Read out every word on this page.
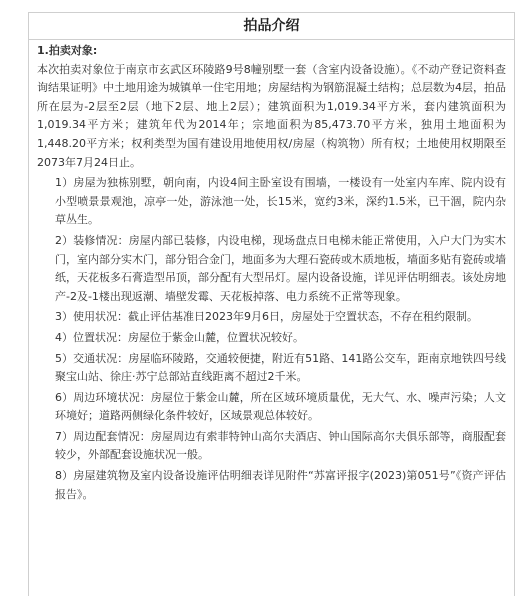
拍品介绍
1.拍卖对象:

本次拍卖对象位于南京市玄武区环陵路9号8幢别墅一套（含室内设备设施）。《不动产登记资料查询结果证明》中土地用途为城镇单一住宅用地；房屋结构为钢筋混凝土结构；总层数为4层，拍品所在层为-2层至2层（地下2层、地上2层）；建筑面积为1,019.34平方米，套内建筑面积为1,019.34平方米；建筑年代为2014年；宗地面积为85,473.70平方米，独用土地面积为1,448.20平方米；权利类型为国有建设用地使用权/房屋（构筑物）所有权；土地使用权期限至2073年7月24日止。

1）房屋为独栋别墅，朝向南，内设4间主卧室设有围墙，一楼设有一处室内车库、院内设有小型喷景景观池，凉亭一处，游泳池一处，长15米，宽约3米，深约1.5米，已干涸，院内杂草丛生。

2）装修情况：房屋内部已装修，内设电梯，现场盘点日电梯未能正常使用，入户大门为实木门，室内部分实木门，部分铝合金门，地面多为大理石瓷砖或木质地板，墙面多贴有瓷砖或墙纸，天花板多石膏造型吊顶，部分配有大型吊灯。屋内设备设施，详见评估明细表。该处房地产-2及-1楼出现返潮、墙壁发霉、天花板掉落、电力系统不正常等现象。

3）使用状况：截止评估基准日2023年9月6日，房屋处于空置状态，不存在租约限制。

4）位置状况：房屋位于紫金山麓，位置状况较好。

5）交通状况：房屋临环陵路，交通较便捷，附近有51路、141路公交车，距南京地铁四号线聚宝山站、徐庄·苏宁总部站直线距离不超过2千米。

6）周边环境状况：房屋位于紫金山麓，所在区域环境质量优，无大气、水、噪声污染；人文环境好；道路两侧绿化条件较好，区域景观总体较好。

7）周边配套情况：房屋周边有索菲特钟山高尔夫酒店、钟山国际高尔夫俱乐部等，商服配套较少，外部配套设施状况一般。

8）房屋建筑物及室内设备设施评估明细表详见附件“苏富评报字(2023)第051号”《资产评估报告》。
